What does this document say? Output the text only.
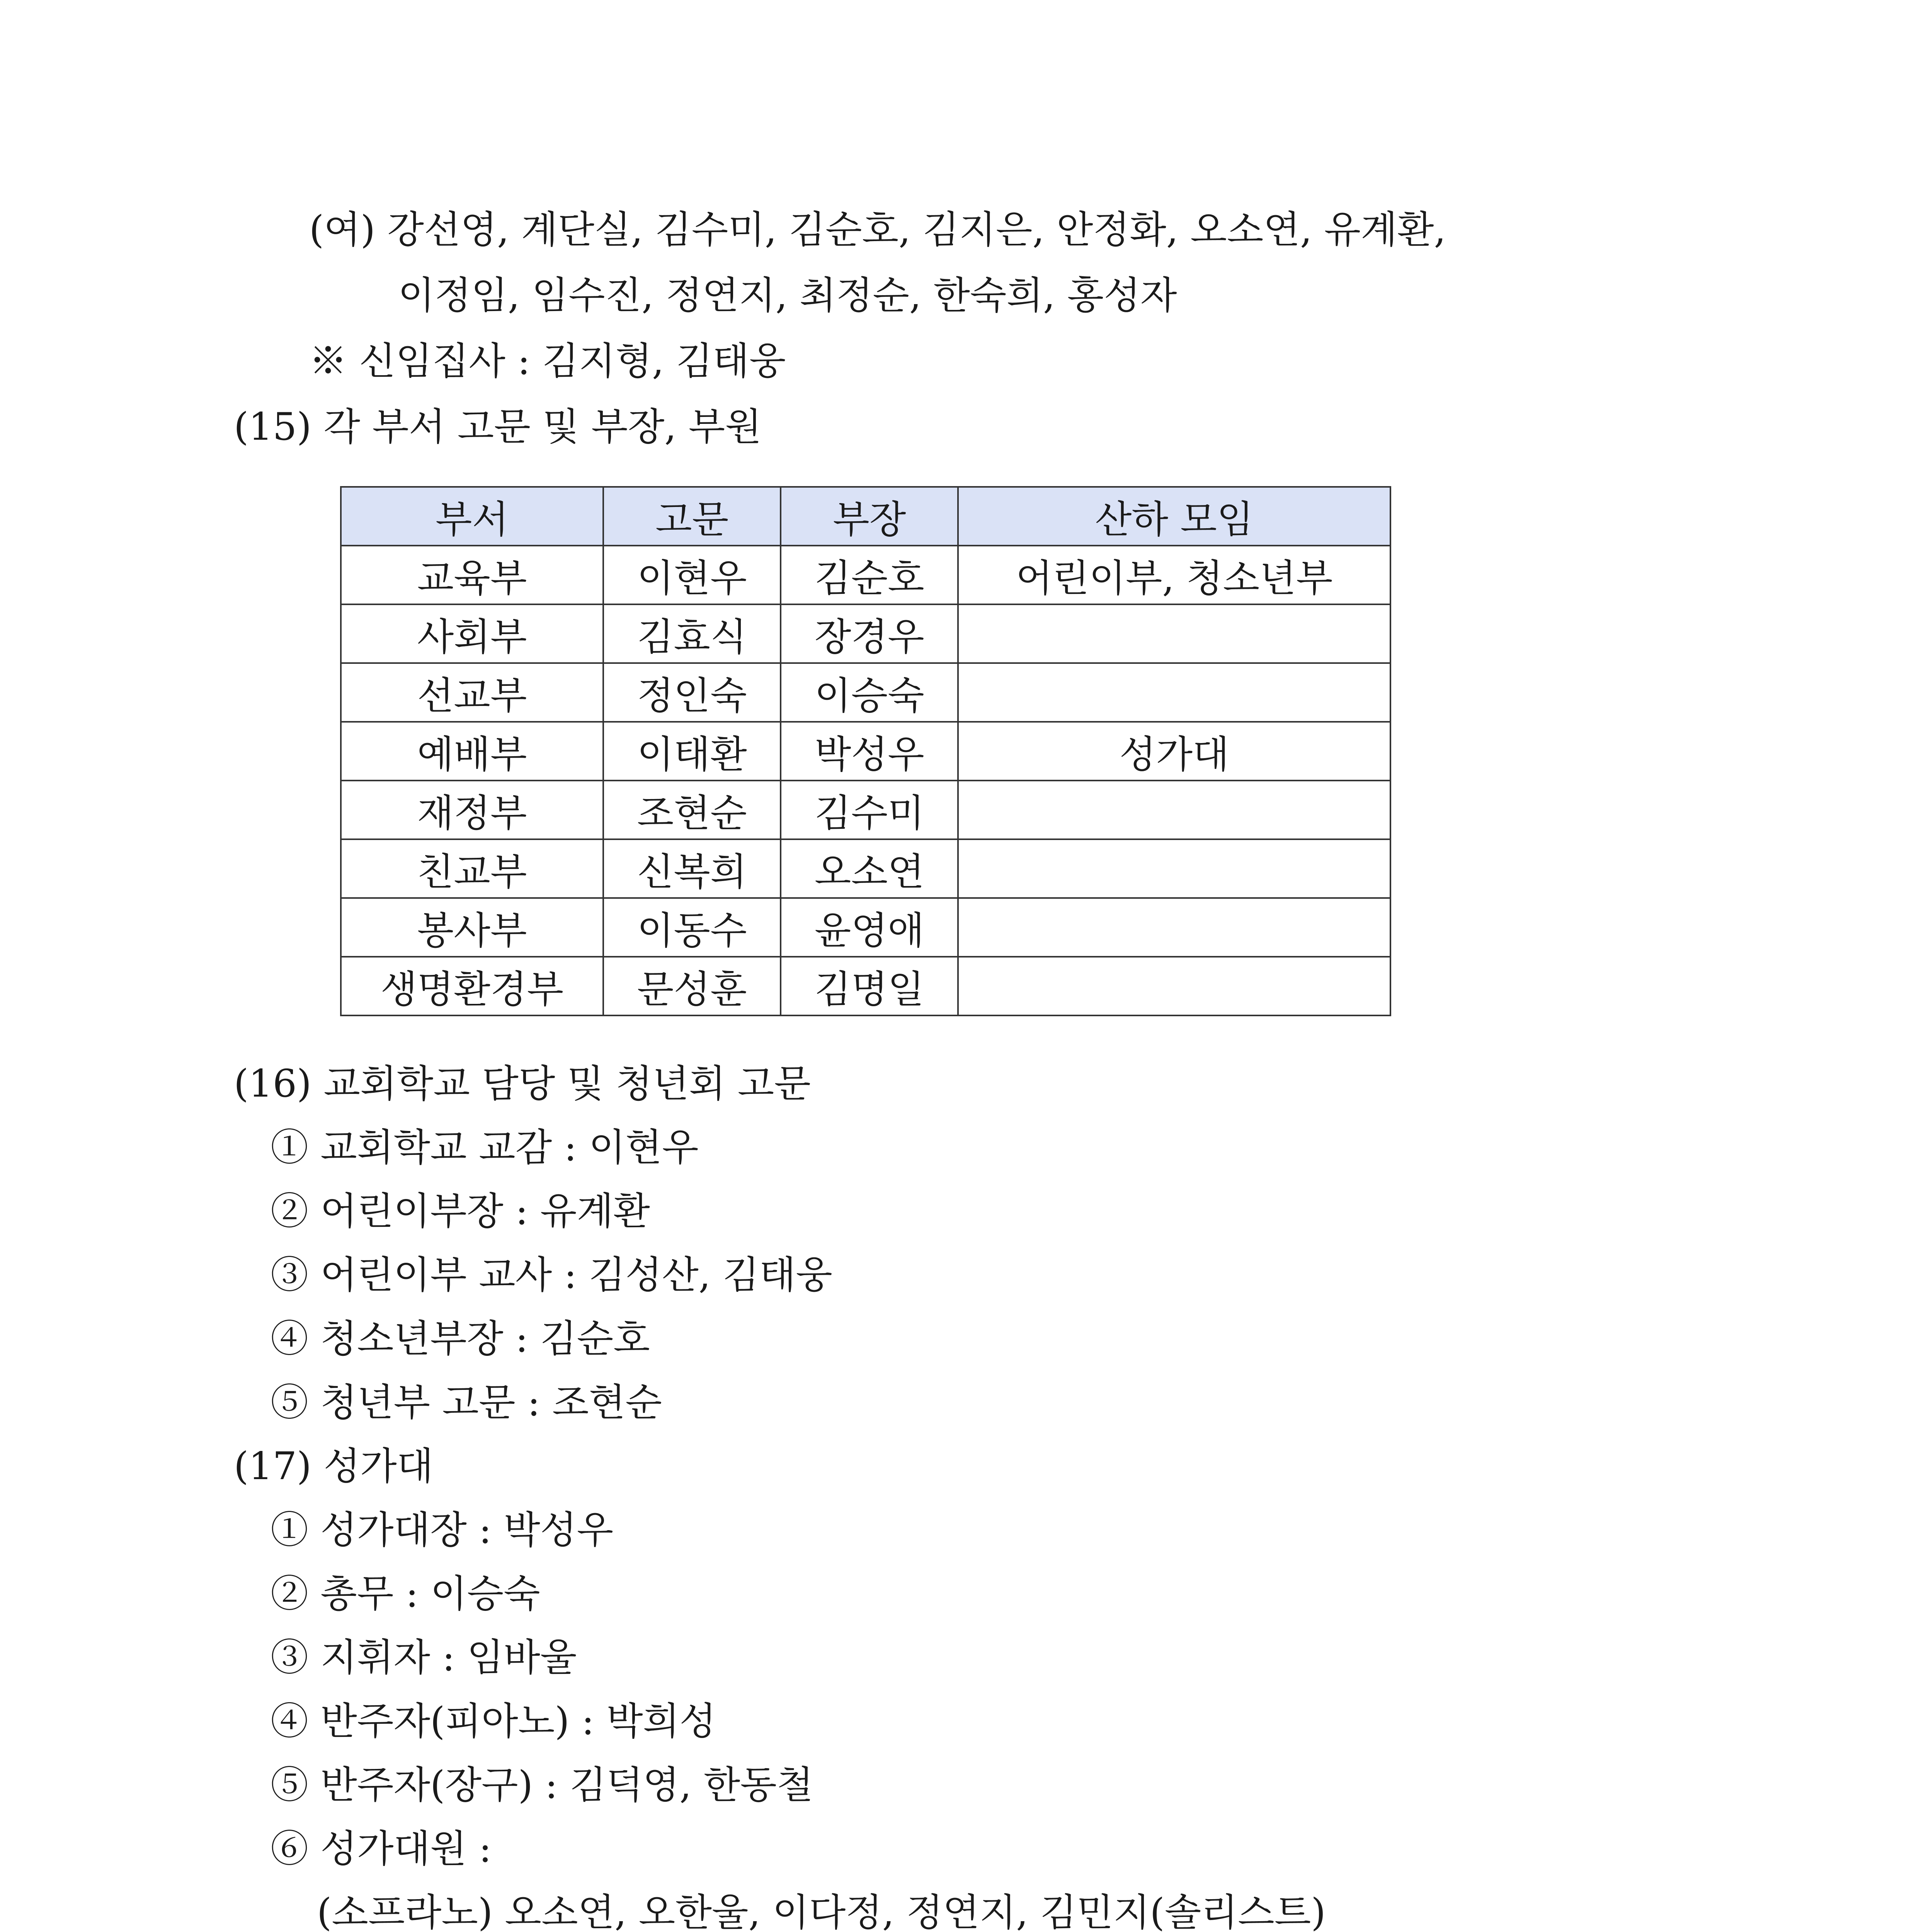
(여) 강선영, 계단실, 김수미, 김순호, 김지은, 안정화, 오소연, 유계환,
이정임, 임수진, 정연지, 최정순, 한숙희, 홍성자
※ 신임집사 : 김지형, 김태웅
(15) 각 부서 고문 및 부장, 부원
부서	고문	부장	산하 모임
교육부	이현우	김순호	어린이부, 청소년부
사회부	김효식	장경우	
선교부	정인숙	이승숙	
예배부	이태환	박성우	성가대
재정부	조현순	김수미	
친교부	신복희	오소연	
봉사부	이동수	윤영애	
생명환경부	문성훈	김명일	
(16) 교회학교 담당 및 청년회 고문
① 교회학교 교감 : 이현우
② 어린이부장 : 유계환
③ 어린이부 교사 : 김성산, 김태웅
④ 청소년부장 : 김순호
⑤ 청년부 고문 : 조현순
(17) 성가대
① 성가대장 : 박성우
② 총무 : 이승숙
③ 지휘자 : 임바울
④ 반주자(피아노) : 박희성
⑤ 반주자(장구) : 김덕영, 한동철
⑥ 성가대원 :
(소프라노) 오소연, 오한울, 이다정, 정연지, 김민지(솔리스트)
